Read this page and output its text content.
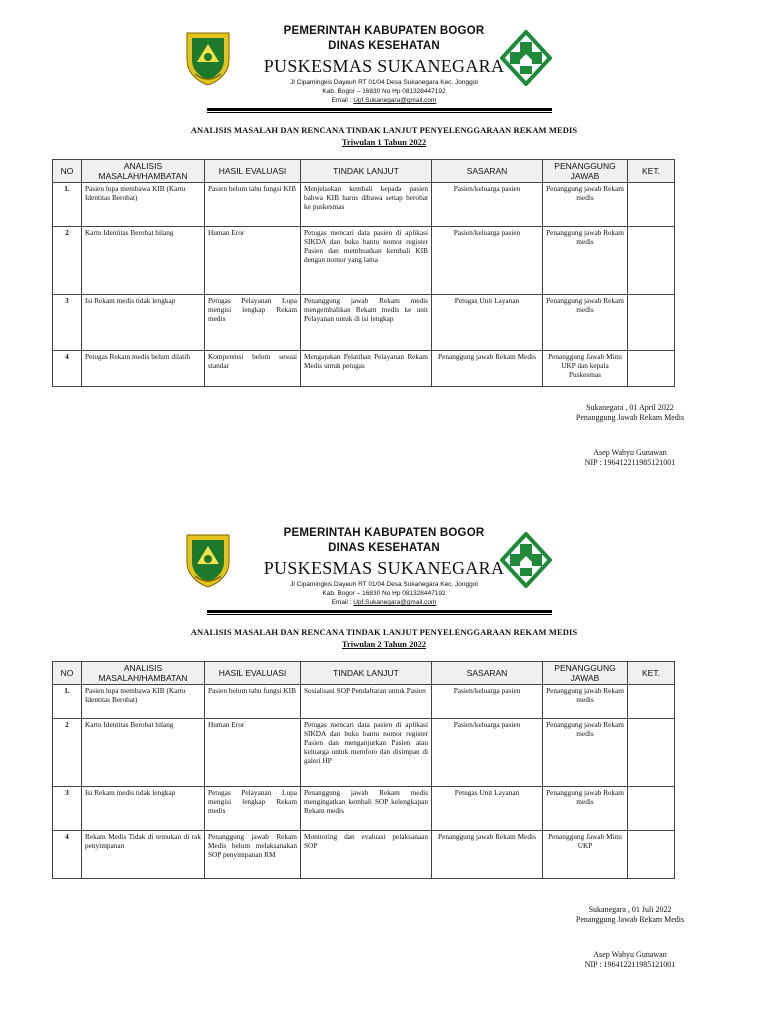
PEMERINTAH KABUPATEN BOGOR
DINAS KESEHATAN
PUSKESMAS SUKANEGARA
Jl Cipamingkis Dayeuh RT 01/04 Desa Sukanegara Kec. Jonggol
Kab. Bogor – 16830 No Hp 081328447192
Email : Upf.Sukanegara@gmail.com
ANALISIS MASALAH DAN RENCANA TINDAK LANJUT PENYELENGGARAAN REKAM MEDIS
Triwulan 1 Tahun 2022
NO	ANALISIS MASALAH/HAMBATAN	HASIL EVALUASI	TINDAK LANJUT	SASARAN	PENANGGUNG JAWAB	KET.
1.	Pasien lupa membawa KIB (Kartu Identitas Berobat)	Pasien belum tahu fungsi KIB	Menjelaskan kembali kepada pasien bahwa KIB harus dibawa setiap berobat ke puskesmas	Pasien/keluarga pasien	Penanggung jawab Rekam medis	
2	Kartu Identitas Berobat hilang	Human Eror	Petugas mencari data pasien di aplikasi SIKDA dan buku bantu nomor register Pasien dan membuatkan kembali KIB dengan nomor yang lama	Pasien/keluarga pasien	Penanggung jawab Rekam medis	
3	Isi Rekam medis tidak lengkap	Petugas Pelayanan Lupa mengisi lengkap Rekam medis	Penanggung jawab Rekam medis mengembalikan Rekam medis ke unit Pelayanan untuk di isi lengkap	Petugas Unit Layanan	Penanggung jawab Rekam medis	
4	Petugas Rekam medis belum dilatih	Kompetensi belum sesuai standar	Mengajukan Pelatihan Pelayanan Rekam Medis untuk petugas	Penanggung jawab Rekam Medis	Penanggung Jawab Mutu UKP dan kepala Puskesmas	
Sukanegara , 01 April 2022
Penanggung Jawab Rekam Medis
Asep Wahyu Gunawan
NIP : 196412211985121001
PEMERINTAH KABUPATEN BOGOR
DINAS KESEHATAN
PUSKESMAS SUKANEGARA
Jl Cipamingkis Dayeuh RT 01/04 Desa Sukanegara Kec. Jonggol
Kab. Bogor – 16830 No Hp 081328447192
Email : Upf.Sukanegara@gmail.com
ANALISIS MASALAH DAN RENCANA TINDAK LANJUT PENYELENGGARAAN REKAM MEDIS
Triwulan 2 Tahun 2022
NO	ANALISIS MASALAH/HAMBATAN	HASIL EVALUASI	TINDAK LANJUT	SASARAN	PENANGGUNG JAWAB	KET.
1.	Pasien lupa membawa KIB (Kartu Identitas Berobat)	Pasien belum tahu fungsi KIB	Sosialisasi SOP Pendaftaran untuk Pasien	Pasien/keluarga pasien	Penanggung jawab Rekam medis	
2	Kartu Identitas Berobat hilang	Human Eror	Petugas mencari data pasien di aplikasi SIKDA dan buku bantu nomor register Pasien dan menganjurkan Pasien atau keluarga untuk memfoto dan disimpan di galeri HP	Pasien/keluarga pasien	Penanggung jawab Rekam medis	
3	Isi Rekam medis tidak lengkap	Petugas Pelayanan Lupa mengisi lengkap Rekam medis	Penanggung jawab Rekam medis mengingatkan kembali SOP kelengkapan Rekam medis	Petugas Unit Layanan	Penanggung jawab Rekam medis	
4	Rekam Medis Tidak di temukan di rak penyimpanan	Penanggung jawab Rekam Medis belum melaksanakan SOP penyimpanan RM	Monitoring dan evaluasi pelaksanaan SOP	Penanggung jawab Rekam Medis	Penanggung Jawab Mutu UKP	
Sukanegara , 01 Juli 2022
Penanggung Jawab Rekam Medis
Asep Wahyu Gunawan
NIP : 196412211985121001
